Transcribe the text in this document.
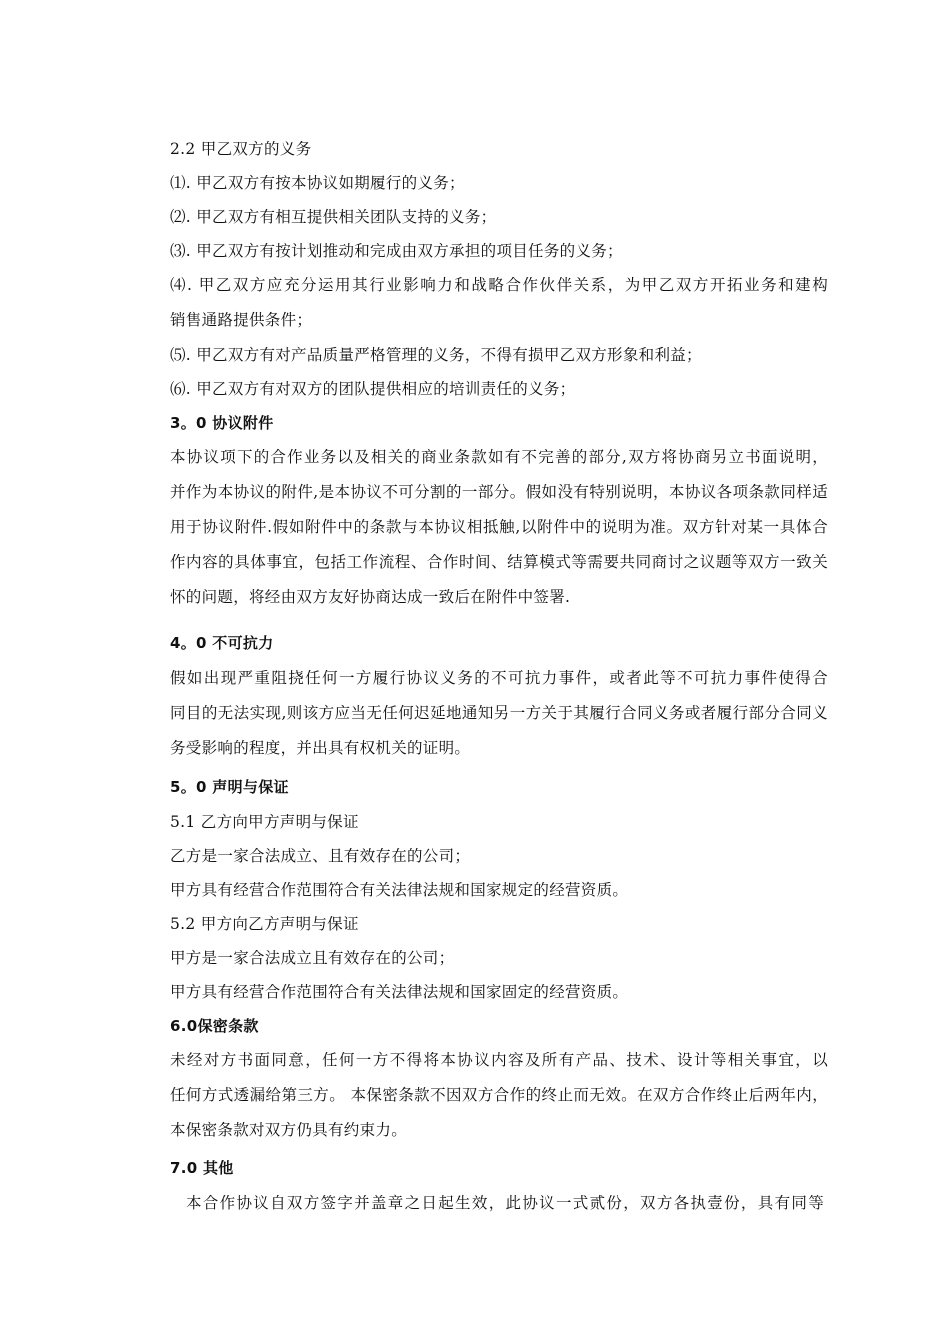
2.2 甲乙双方的义务
⑴. 甲乙双方有按本协议如期履行的义务；
⑵. 甲乙双方有相互提供相关团队支持的义务；
⑶. 甲乙双方有按计划推动和完成由双方承担的项目任务的义务；
⑷. 甲乙双方应充分运用其行业影响力和战略合作伙伴关系，为甲乙双方开拓业务和建构
销售通路提供条件；
⑸. 甲乙双方有对产品质量严格管理的义务，不得有损甲乙双方形象和利益；
⑹. 甲乙双方有对双方的团队提供相应的培训责任的义务；
3。0 协议附件
本协议项下的合作业务以及相关的商业条款如有不完善的部分,双方将协商另立书面说明，
并作为本协议的附件,是本协议不可分割的一部分。假如没有特别说明，本协议各项条款同样适
用于协议附件.假如附件中的条款与本协议相抵触,以附件中的说明为准。双方针对某一具体合
作内容的具体事宜，包括工作流程、合作时间、结算模式等需要共同商讨之议题等双方一致关
怀的问题，将经由双方友好协商达成一致后在附件中签署.
4。0 不可抗力
假如出现严重阻挠任何一方履行协议义务的不可抗力事件，或者此等不可抗力事件使得合
同目的无法实现,则该方应当无任何迟延地通知另一方关于其履行合同义务或者履行部分合同义
务受影响的程度，并出具有权机关的证明。
5。0 声明与保证
5.1 乙方向甲方声明与保证
乙方是一家合法成立、且有效存在的公司；
甲方具有经营合作范围符合有关法律法规和国家规定的经营资质。
5.2 甲方向乙方声明与保证
甲方是一家合法成立且有效存在的公司；
甲方具有经营合作范围符合有关法律法规和国家固定的经营资质。
6.0保密条款
未经对方书面同意，任何一方不得将本协议内容及所有产品、技术、设计等相关事宜，以
任何方式透漏给第三方。 本保密条款不因双方合作的终止而无效。在双方合作终止后两年内，
本保密条款对双方仍具有约束力。
7.0 其他
本合作协议自双方签字并盖章之日起生效，此协议一式贰份，双方各执壹份，具有同等
